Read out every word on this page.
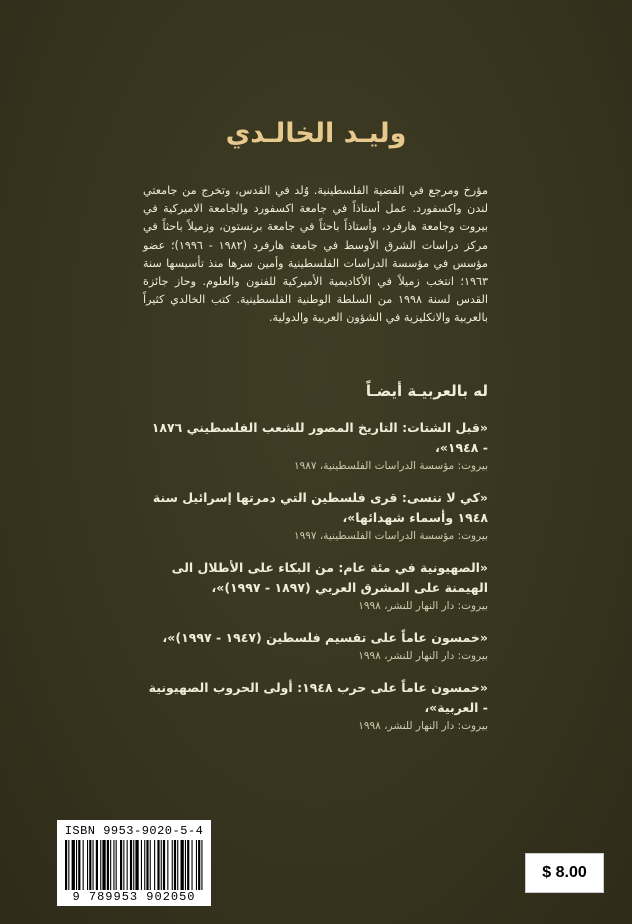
وليـد الخالـدي
مؤرخ ومرجع في القضية الفلسطينية. وُلد في القدس، وتخرج من جامعتي لندن واكسفورد. عمل أستاذاً في جامعة اكسفورد والجامعة الاميركية في بيروت وجامعة هارفرد، وأستاذاً باحثاً في جامعة برنستون، وزميلاً باحثاً في مركز دراسات الشرق الأوسط في جامعة هارفرد (١٩٨٢ - ١٩٩٦)؛ عضو مؤسس في مؤسسة الدراسات الفلسطينية وأمين سرها منذ تأسيسها سنة ١٩٦٣؛ انتخب زميلاً في الأكاديمية الأميركية للفنون والعلوم. وحاز جائزة القدس لسنة ١٩٩٨ من السلطة الوطنية الفلسطينية. كتب الخالدي كثيراً بالعربية والانكليزية في الشؤون العربية والدولية.
له بالعربيـة أيضـاً
«قبل الشتات: التاريخ المصور للشعب الفلسطيني ١٨٧٦ - ١٩٤٨»،
بيروت: مؤسسة الدراسات الفلسطينية، ١٩٨٧
«كي لا ننسى: قرى فلسطين التي دمرتها إسرائيل سنة ١٩٤٨ وأسماء شهدائها»،
بيروت: مؤسسة الدراسات الفلسطينية، ١٩٩٧
«الصهيونية في مئة عام: من البكاء على الأطلال الى الهيمنة على المشرق العربي (١٨٩٧ - ١٩٩٧)»،
بيروت: دار النهار للنشر، ١٩٩٨
«خمسون عاماً على تقسيم فلسطين (١٩٤٧ - ١٩٩٧)»،
بيروت: دار النهار للنشر، ١٩٩٨
«خمسون عاماً على حرب ١٩٤٨: أولى الحروب الصهيونية - العربية»،
بيروت: دار النهار للنشر، ١٩٩٨
ISBN 9953-9020-5-4
9 789953 902050
$ 8.00
